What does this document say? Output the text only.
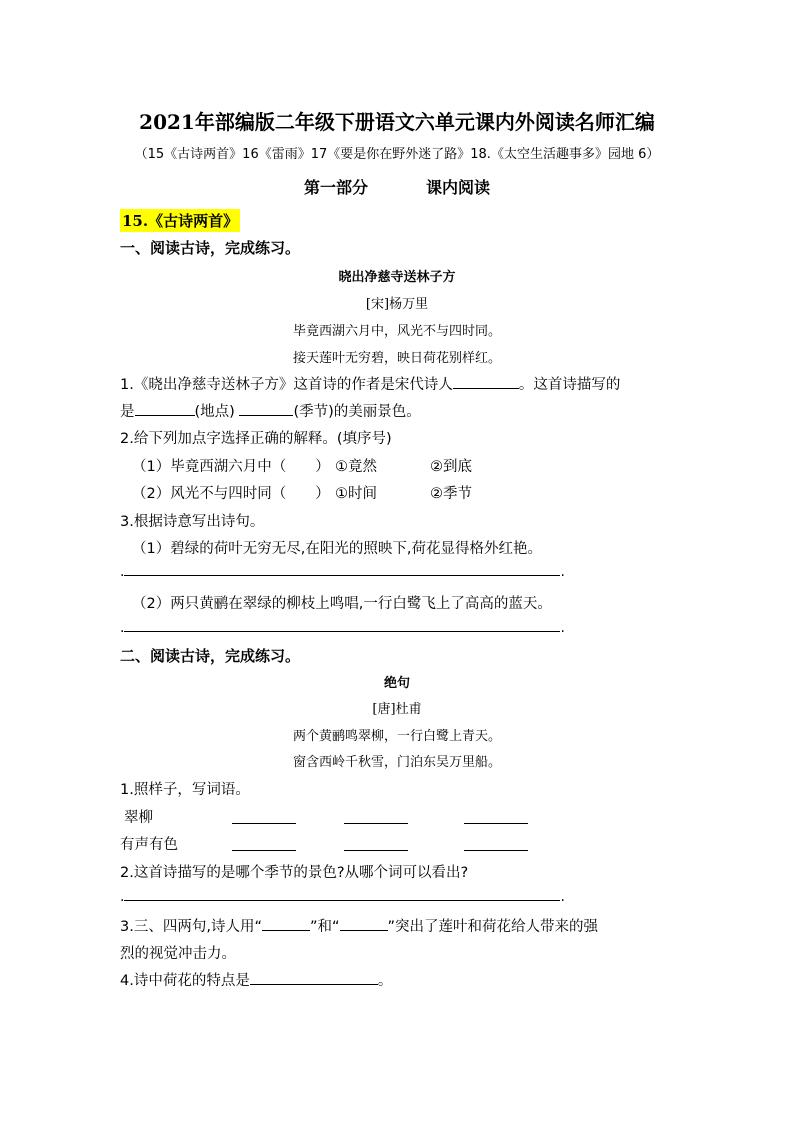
2021年部编版二年级下册语文六单元课内外阅读名师汇编
（15《古诗两首》16《雷雨》17《要是你在野外迷了路》18.《太空生活趣事多》园地 6）
第一部分	课内阅读
15.《古诗两首》
一、阅读古诗，完成练习。
晓出净慈寺送林子方
[宋]杨万里
毕竟西湖六月中，风光不与四时同。
接天莲叶无穷碧，映日荷花别样红。
1.《晓出净慈寺送林子方》这首诗的作者是宋代诗人	。这首诗描写的
是	(地点)	(季节)的美丽景色。
2.给下列加点字选择正确的解释。(填序号)
（1）毕竟西湖六月中（　　） ①竟然	②到底
（2）风光不与四时同（　　） ①时间	②季节
3.根据诗意写出诗句。
（1）碧绿的荷叶无穷无尽,在阳光的照映下,荷花显得格外红艳。
.	.
（2）两只黄鹂在翠绿的柳枝上鸣唱,一行白鹭飞上了高高的蓝天。
.	.
二、阅读古诗，完成练习。
绝句
[唐]杜甫
两个黄鹂鸣翠柳，一行白鹭上青天。
窗含西岭千秋雪，门泊东吴万里船。
1.照样子，写词语。
翠柳
有声有色
2.这首诗描写的是哪个季节的景色?从哪个词可以看出?
.	.
3.三、四两句,诗人用“	”和“	”突出了莲叶和荷花给人带来的强
烈的视觉冲击力。
4.诗中荷花的特点是	。
